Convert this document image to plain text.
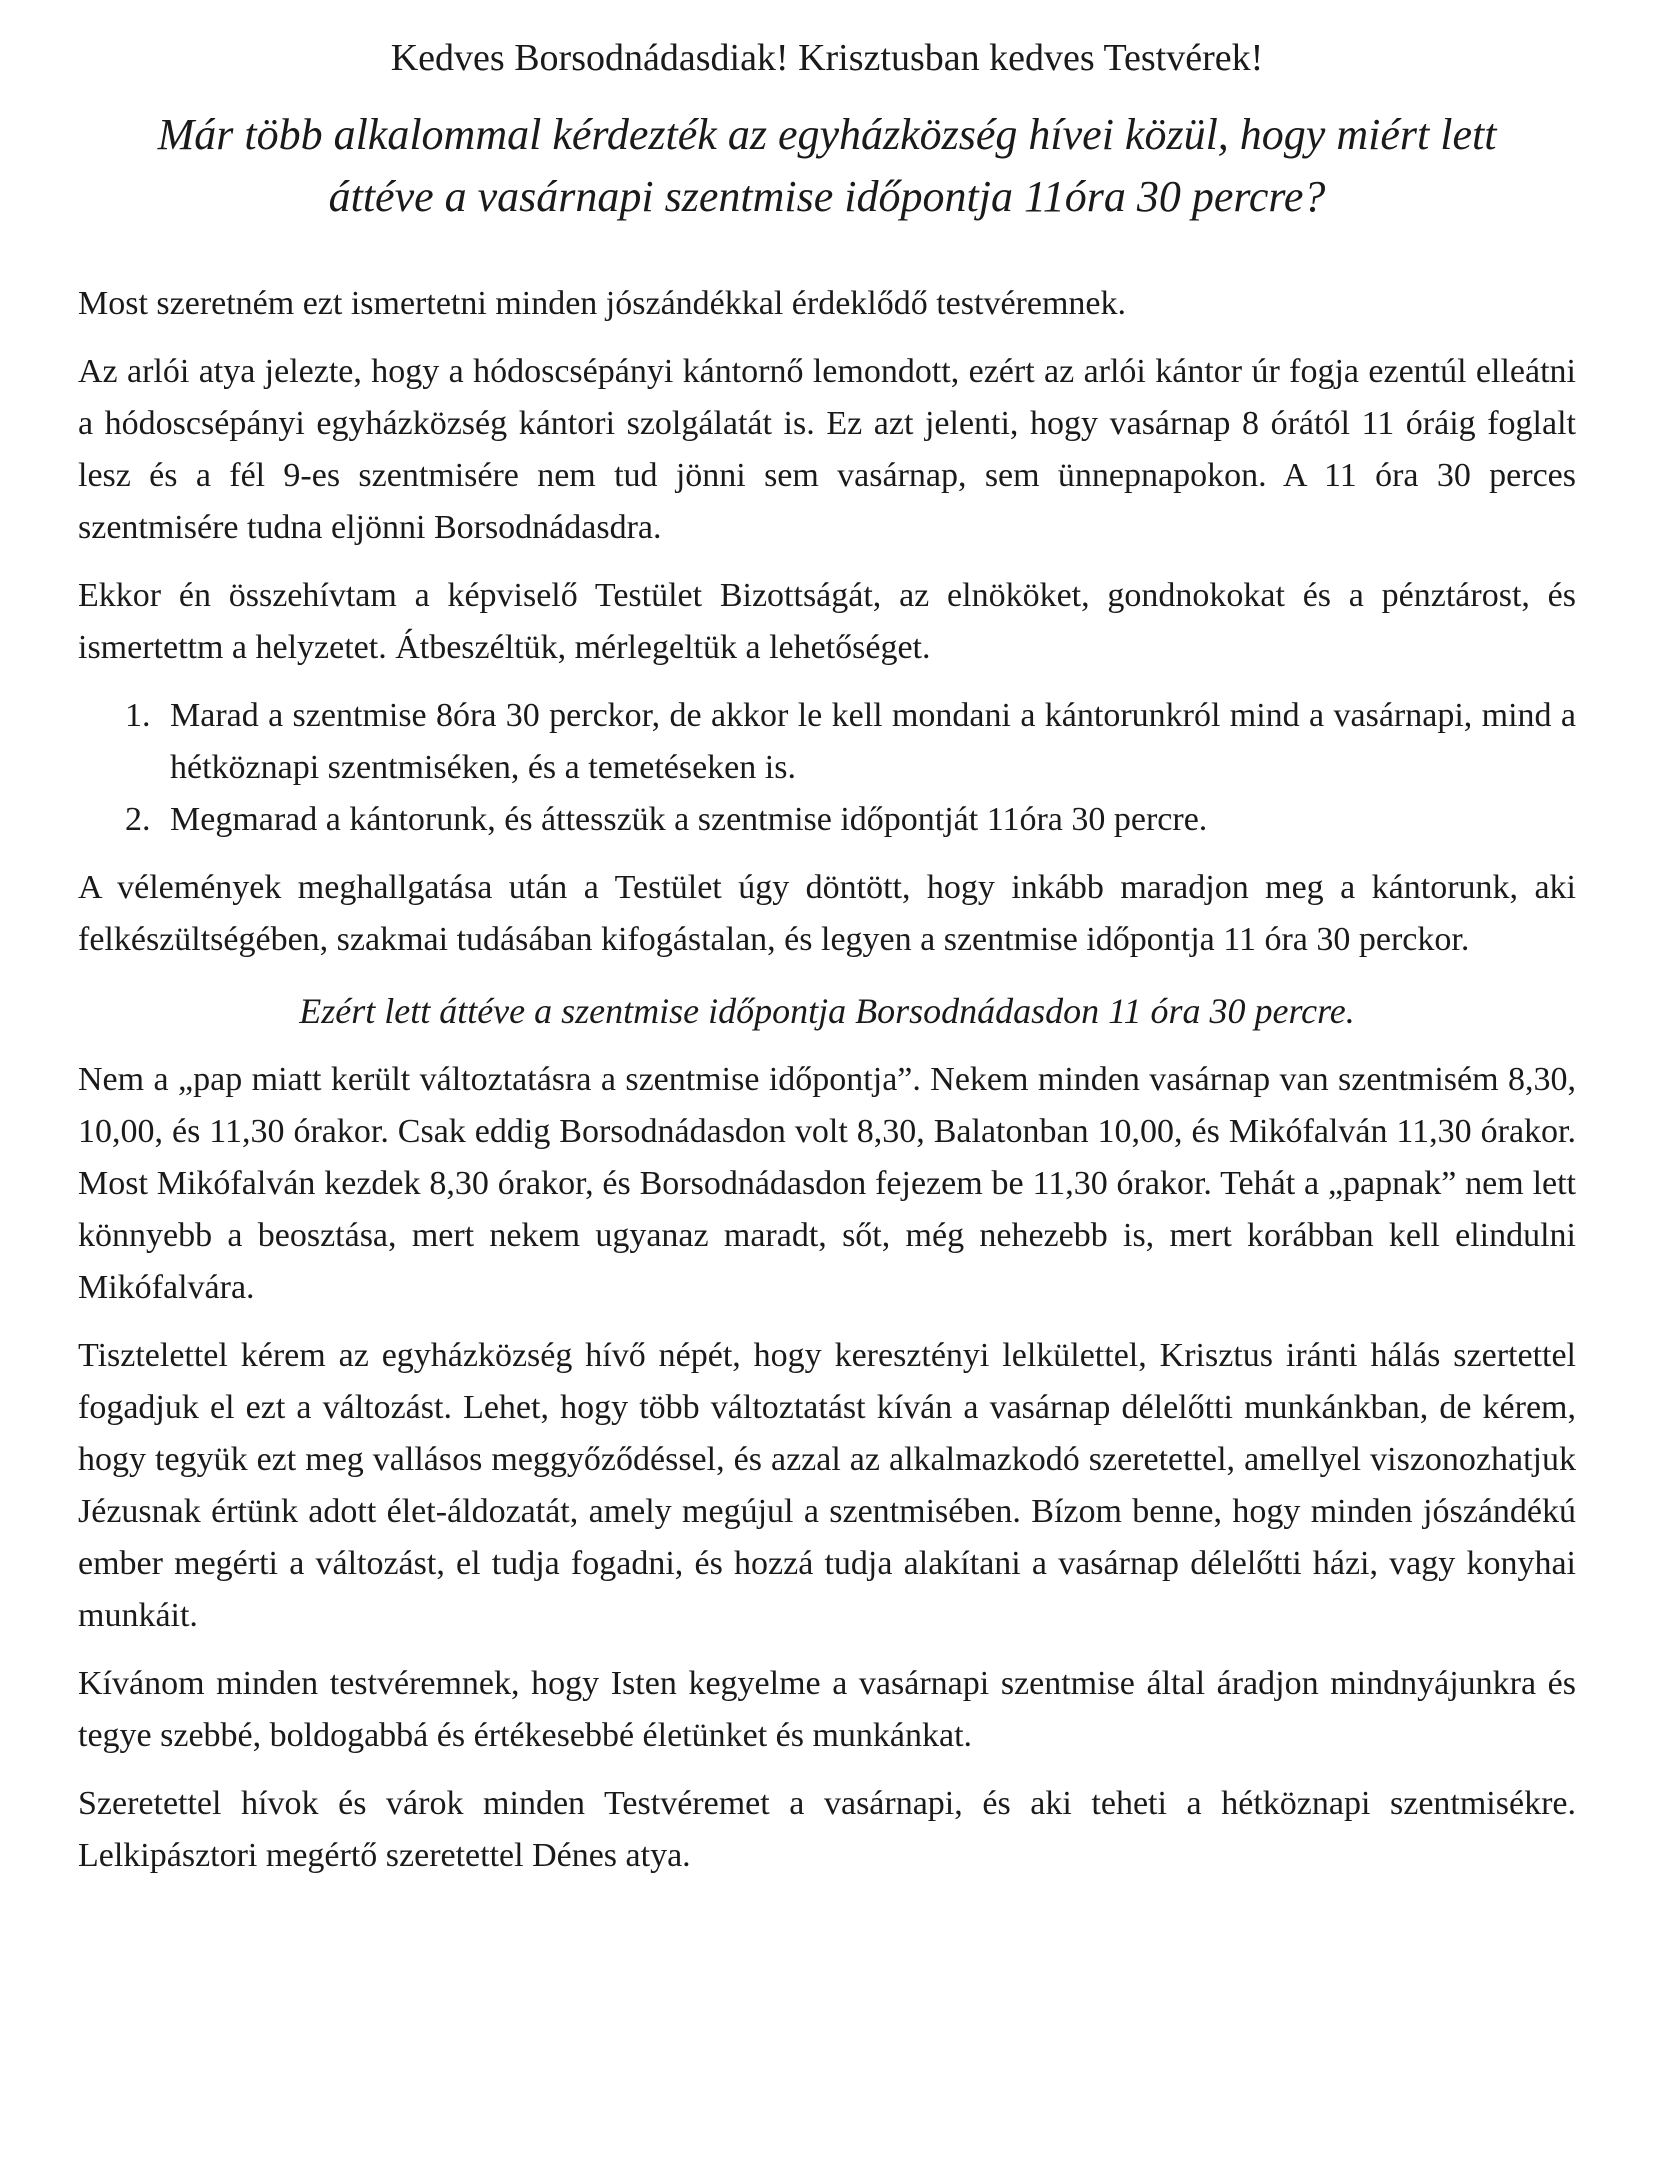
Kedves Borsodnádasdiak! Krisztusban kedves Testvérek!
Már több alkalommal kérdezték az egyházközség hívei közül, hogy miért lett áttéve a vasárnapi szentmise időpontja 11óra 30 percre?

Most szeretném ezt ismertetni minden jószándékkal érdeklődő testvéremnek.

Az arlói atya jelezte, hogy a hódoscsépányi kántornő lemondott, ezért az arlói kántor úr fogja ezentúl elleátni a hódoscsépányi egyházközség kántori szolgálatát is. Ez azt jelenti, hogy vasárnap 8 órától 11 óráig foglalt lesz és a fél 9-es szentmisére nem tud jönni sem vasárnap, sem ünnepnapokon. A 11 óra 30 perces szentmisére tudna eljönni Borsodnádasdra.

Ekkor én összehívtam a képviselő Testület Bizottságát, az elnököket, gondnokokat és a pénztárost, és ismertettm a helyzetet. Átbeszéltük, mérlegeltük a lehetőséget.

1. Marad a szentmise 8óra 30 perckor, de akkor le kell mondani a kántorunkról mind a vasárnapi, mind a hétköznapi szentmiséken, és a temetéseken is.
2. Megmarad a kántorunk, és áttesszük a szentmise időpontját 11óra 30 percre.

A vélemények meghallgatása után a Testület úgy döntött, hogy inkább maradjon meg a kántorunk, aki felkészültségében, szakmai tudásában kifogástalan, és legyen a szentmise időpontja 11 óra 30 perckor.

Ezért lett áttéve a szentmise időpontja Borsodnádasdon 11 óra 30 percre.

Nem a „pap miatt került változtatásra a szentmise időpontja”. Nekem minden vasárnap van szentmisém 8,30, 10,00, és 11,30 órakor. Csak eddig Borsodnádasdon volt 8,30, Balatonban 10,00, és Mikófalván 11,30 órakor. Most Mikófalván kezdek 8,30 órakor, és Borsodnádasdon fejezem be 11,30 órakor. Tehát a „papnak” nem lett könnyebb a beosztása, mert nekem ugyanaz maradt, sőt, még nehezebb is, mert korábban kell elindulni Mikófalvára.

Tisztelettel kérem az egyházközség hívő népét, hogy keresztényi lelkülettel, Krisztus iránti hálás szertettel fogadjuk el ezt a változást. Lehet, hogy több változtatást kíván a vasárnap délelőtti munkánkban, de kérem, hogy tegyük ezt meg vallásos meggyőződéssel, és azzal az alkalmazkodó szeretettel, amellyel viszonozhatjuk Jézusnak értünk adott élet-áldozatát, amely megújul a szentmisében. Bízom benne, hogy minden jószándékú ember megérti a változást, el tudja fogadni, és hozzá tudja alakítani a vasárnap délelőtti házi, vagy konyhai munkáit.

Kívánom minden testvéremnek, hogy Isten kegyelme a vasárnapi szentmise által áradjon mindnyájunkra és tegye szebbé, boldogabbá és értékesebbé életünket és munkánkat.

Szeretettel hívok és várok minden Testvéremet a vasárnapi, és aki teheti a hétköznapi szentmisékre. Lelkipásztori megértő szeretettel Dénes atya.
